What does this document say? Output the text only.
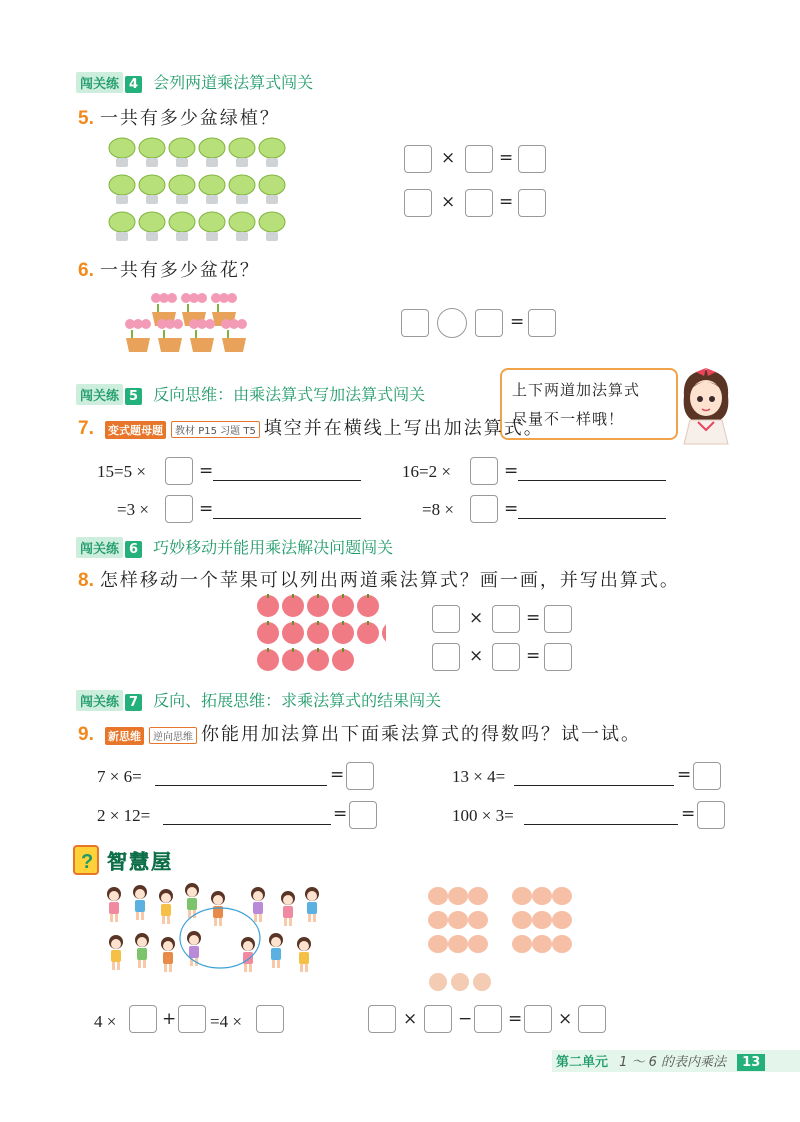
闯关练 4 会列两道乘法算式闯关
5. 一共有多少盆绿植？
×	=
×	=
6. 一共有多少盆花？
=
闯关练 5 反向思维：由乘法算式写加法算式闯关	上下两道加法算式
尽量不一样哦！
7. 变式题母题 教材 P15 习题 T5 填空并在横线上写出加法算式。
15=5 ×	=	16=2 ×	=
=3 ×	=	=8 ×	=
闯关练 6 巧妙移动并能用乘法解决问题闯关
8. 怎样移动一个苹果可以列出两道乘法算式？画一画，并写出算式。
×	=
×	=
闯关练 7 反向、拓展思维：求乘法算式的结果闯关
9. 新思维 逆向思维 你能用加法算出下面乘法算式的得数吗？试一试。
7 × 6=	=	13 × 4=	=
2 × 12=	=	100 × 3=	=
? 智慧屋
4 ×	+ =4 ×	× − = ×
第二单元 1 ～ 6 的表内乘法 13
